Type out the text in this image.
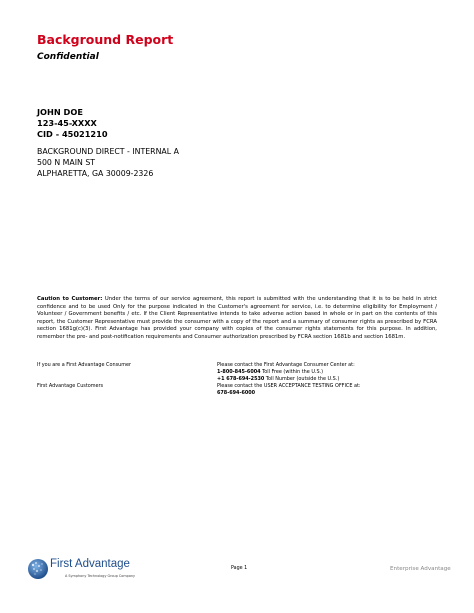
Background Report
Confidential
JOHN DOE
123-45-XXXX
CID - 45021210
BACKGROUND DIRECT - INTERNAL A
500 N MAIN ST
ALPHARETTA, GA 30009-2326
Caution to Customer: Under the terms of our service agreement, this report is submitted with the understanding that it is to be held in strict confidence and to be used Only for the purpose indicated in the Customer's agreement for service, i.e. to determine eligibility for Employment / Volunteer / Government benefits / etc. If the Client Representative intends to take adverse action based in whole or in part on the contents of this report, the Customer Representative must provide the consumer with a copy of the report and a summary of consumer rights as prescribed by FCRA section 1681g(c)(3). First Advantage has provided your company with copies of the consumer rights statements for this purpose. In addition, remember the pre- and post-notification requirements and Consumer authorization prescribed by FCRA section 1681b and section 1681m.
If you are a First Advantage Consumer	Please contact the First Advantage Consumer Center at:
1-800-845-6004 Toll Free (within the U.S.)
+1 678-694-2530 Toll Number (outside the U.S.)
First Advantage Customers	Please contact the USER ACCEPTANCE TESTING OFFICE at:
678-694-6000
First Advantage
A Symphony Technology Group Company
Page 1	Enterprise Advantage
